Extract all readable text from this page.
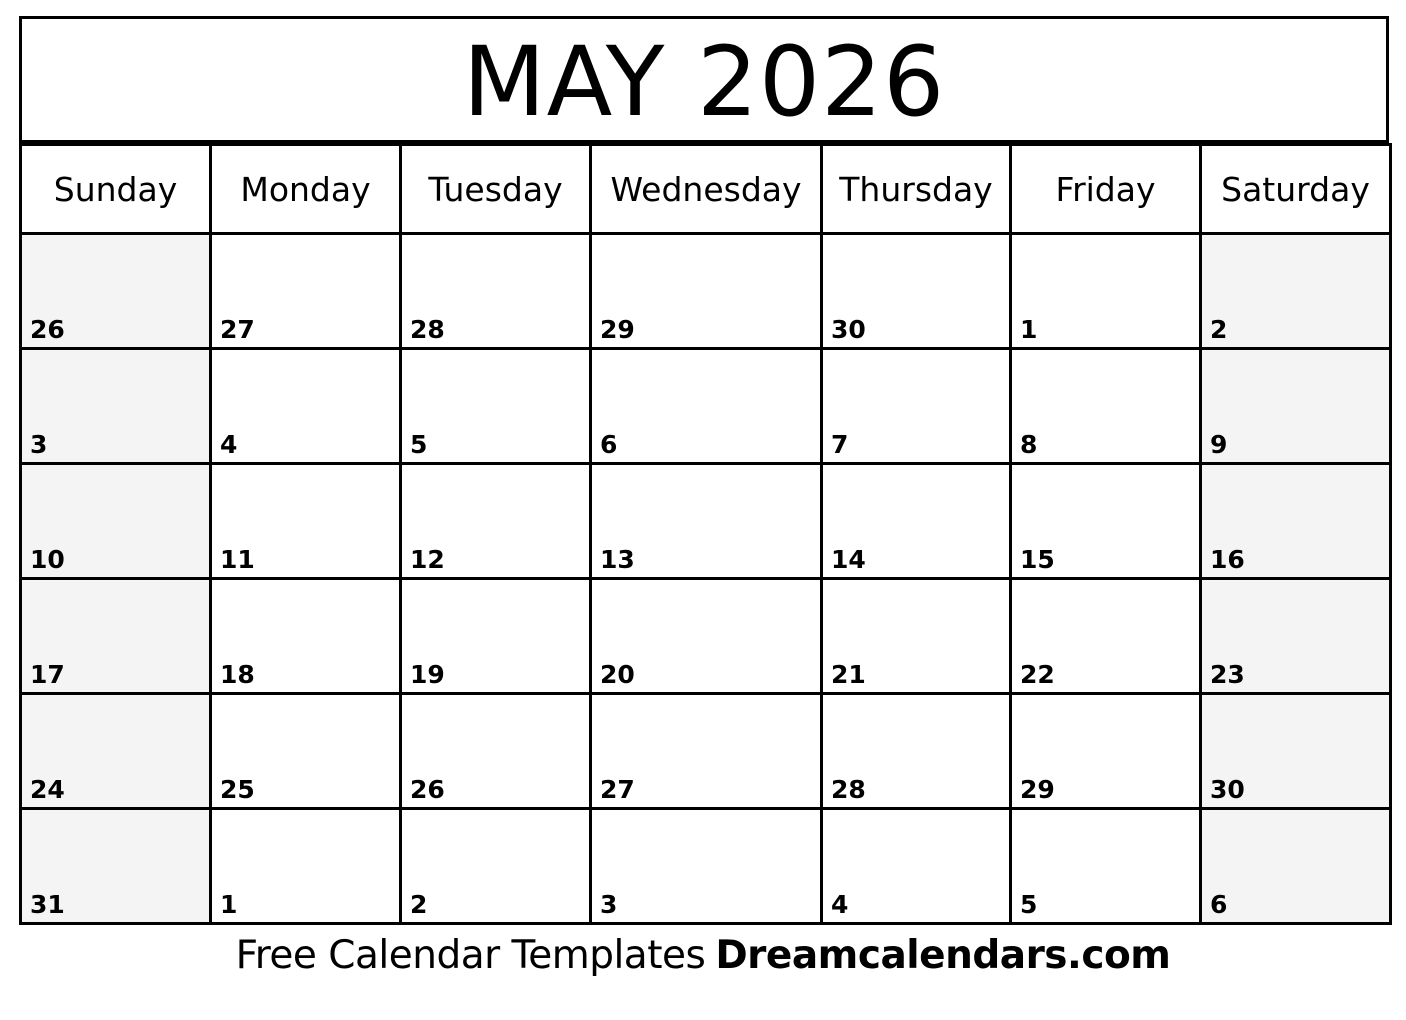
MAY 2026
Sunday	Monday	Tuesday	Wednesday	Thursday	Friday	Saturday

26	27	28	29	30	1	2

3	4	5	6	7	8	9

10	11	12	13	14	15	16

17	18	19	20	21	22	23

24	25	26	27	28	29	30

31	1	2	3	4	5	6
Free Calendar Templates Dreamcalendars.com
